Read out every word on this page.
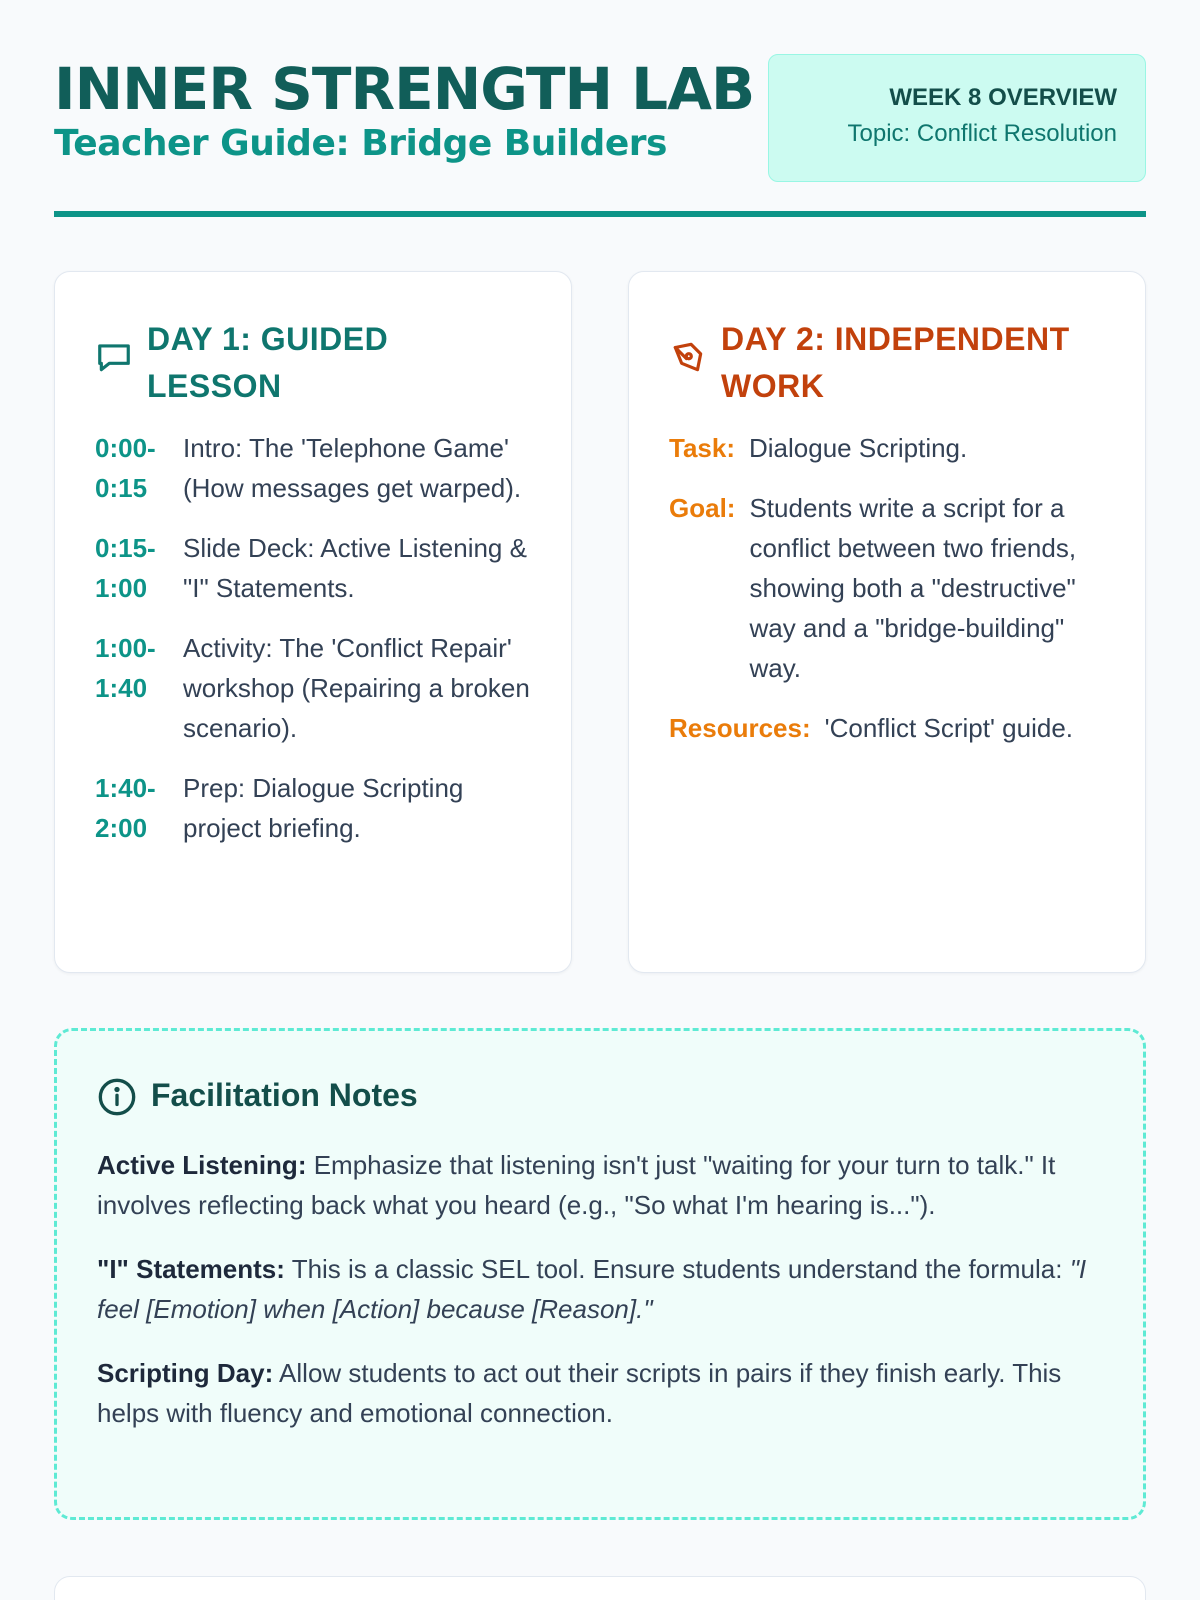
INNER STRENGTH LAB
Teacher Guide: Bridge Builders
WEEK 8 OVERVIEW
Topic: Conflict Resolution
DAY 1: GUIDED LESSON
0:00-0:15
Intro: The 'Telephone Game' (How messages get warped).
0:15-1:00
Slide Deck: Active Listening & "I" Statements.
1:00-1:40
Activity: The 'Conflict Repair' workshop (Repairing a broken scenario).
1:40-2:00
Prep: Dialogue Scripting project briefing.
DAY 2: INDEPENDENT WORK
Task: Dialogue Scripting.
Goal: Students write a script for a conflict between two friends, showing both a "destructive" way and a "bridge-building" way.
Resources: 'Conflict Script' guide.
Facilitation Notes

Active Listening: Emphasize that listening isn't just "waiting for your turn to talk." It involves reflecting back what you heard (e.g., "So what I'm hearing is...").

"I" Statements: This is a classic SEL tool. Ensure students understand the formula: "I feel [Emotion] when [Action] because [Reason]."

Scripting Day: Allow students to act out their scripts in pairs if they finish early. This helps with fluency and emotional connection.
